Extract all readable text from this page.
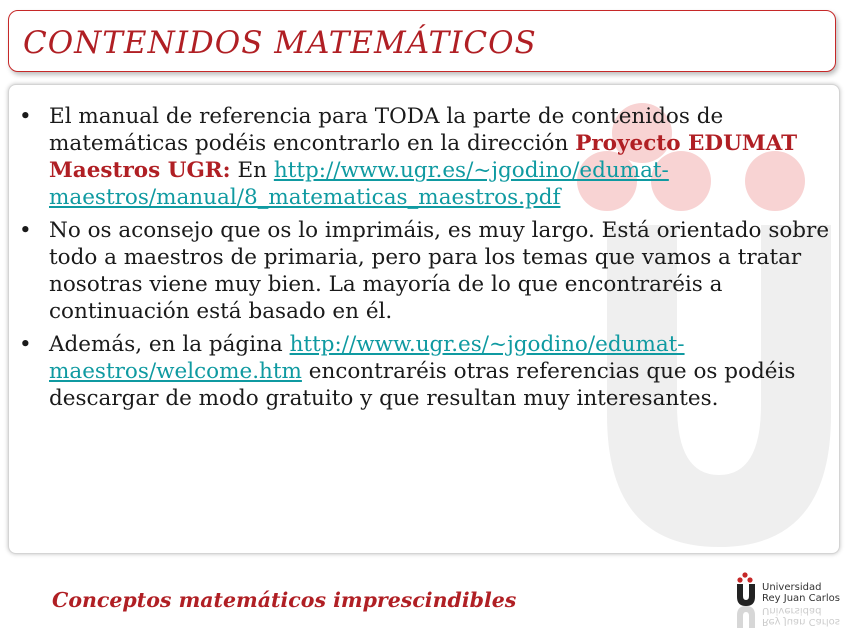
CONTENIDOS MATEMÁTICOS
• El manual de referencia para TODA la parte de contenidos de matemáticas podéis encontrarlo en la dirección Proyecto EDUMAT Maestros UGR: En http://www.ugr.es/~jgodino/edumat-maestros/manual/8_matematicas_maestros.pdf
• No os aconsejo que os lo imprimáis, es muy largo. Está orientado sobre todo a maestros de primaria, pero para los temas que vamos a tratar nosotras viene muy bien. La mayoría de lo que encontraréis a continuación está basado en él.
• Además, en la página http://www.ugr.es/~jgodino/edumat-maestros/welcome.htm encontraréis otras referencias que os podéis descargar de modo gratuito y que resultan muy interesantes.
Conceptos matemáticos imprescindibles
Universidad
Rey Juan Carlos
Rey Juan Carlos
Universidad
